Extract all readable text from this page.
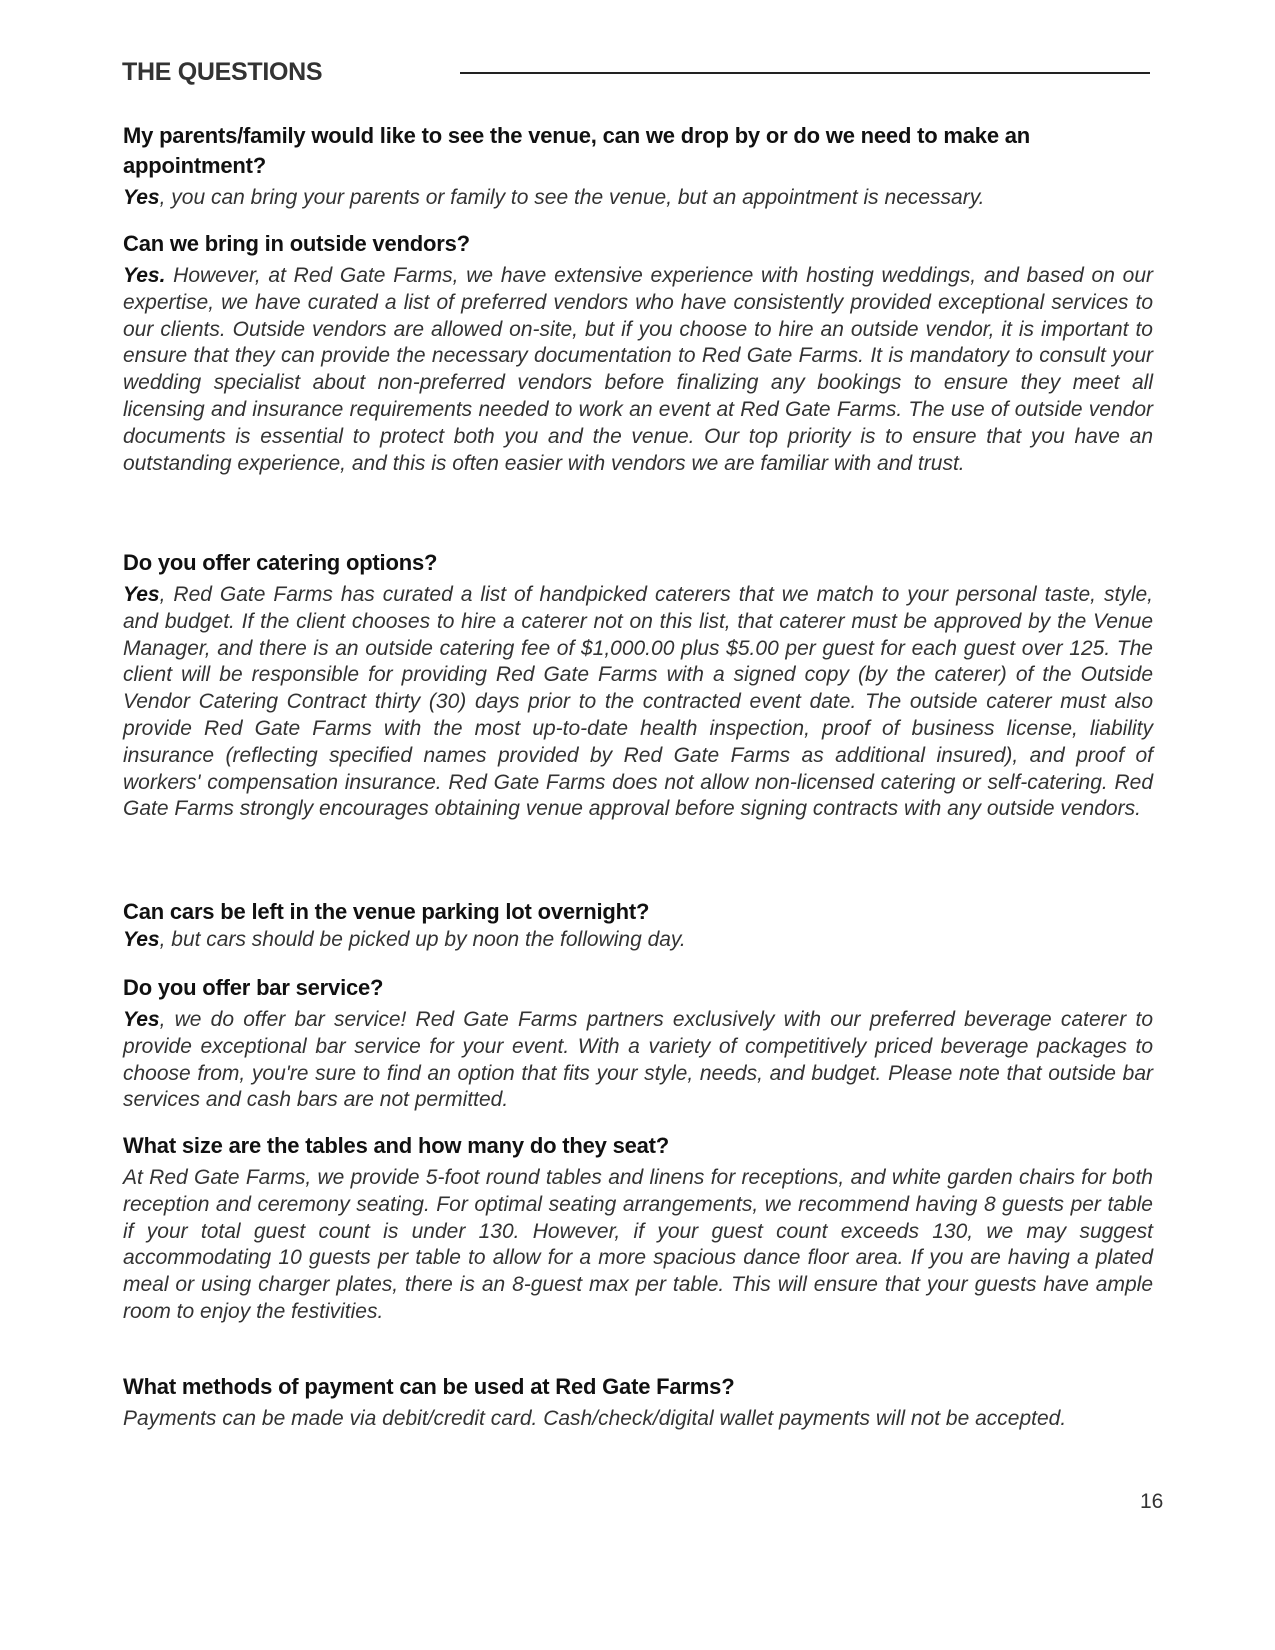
THE QUESTIONS

My parents/family would like to see the venue, can we drop by or do we need to make an appointment?

Yes, you can bring your parents or family to see the venue, but an appointment is necessary.

Can we bring in outside vendors?

Yes. However, at Red Gate Farms, we have extensive experience with hosting weddings, and based on our expertise, we have curated a list of preferred vendors who have consistently provided exceptional services to our clients. Outside vendors are allowed on-site, but if you choose to hire an outside vendor, it is important to ensure that they can provide the necessary documentation to Red Gate Farms. It is mandatory to consult your wedding specialist about non-preferred vendors before finalizing any bookings to ensure they meet all licensing and insurance requirements needed to work an event at Red Gate Farms. The use of outside vendor documents is essential to protect both you and the venue. Our top priority is to ensure that you have an outstanding experience, and this is often easier with vendors we are familiar with and trust.

Do you offer catering options?

Yes, Red Gate Farms has curated a list of handpicked caterers that we match to your personal taste, style, and budget. If the client chooses to hire a caterer not on this list, that caterer must be approved by the Venue Manager, and there is an outside catering fee of $1,000.00 plus $5.00 per guest for each guest over 125. The client will be responsible for providing Red Gate Farms with a signed copy (by the caterer) of the Outside Vendor Catering Contract thirty (30) days prior to the contracted event date. The outside caterer must also provide Red Gate Farms with the most up-to-date health inspection, proof of business license, liability insurance (reflecting specified names provided by Red Gate Farms as additional insured), and proof of workers' compensation insurance. Red Gate Farms does not allow non-licensed catering or self-catering. Red Gate Farms strongly encourages obtaining venue approval before signing contracts with any outside vendors.

Can cars be left in the venue parking lot overnight?

Yes, but cars should be picked up by noon the following day.

Do you offer bar service?

Yes, we do offer bar service! Red Gate Farms partners exclusively with our preferred beverage caterer to provide exceptional bar service for your event. With a variety of competitively priced beverage packages to choose from, you're sure to find an option that fits your style, needs, and budget. Please note that outside bar services and cash bars are not permitted.

What size are the tables and how many do they seat?

At Red Gate Farms, we provide 5-foot round tables and linens for receptions, and white garden chairs for both reception and ceremony seating. For optimal seating arrangements, we recommend having 8 guests per table if your total guest count is under 130. However, if your guest count exceeds 130, we may suggest accommodating 10 guests per table to allow for a more spacious dance floor area. If you are having a plated meal or using charger plates, there is an 8-guest max per table. This will ensure that your guests have ample room to enjoy the festivities.

What methods of payment can be used at Red Gate Farms?

Payments can be made via debit/credit card. Cash/check/digital wallet payments will not be accepted.

16
